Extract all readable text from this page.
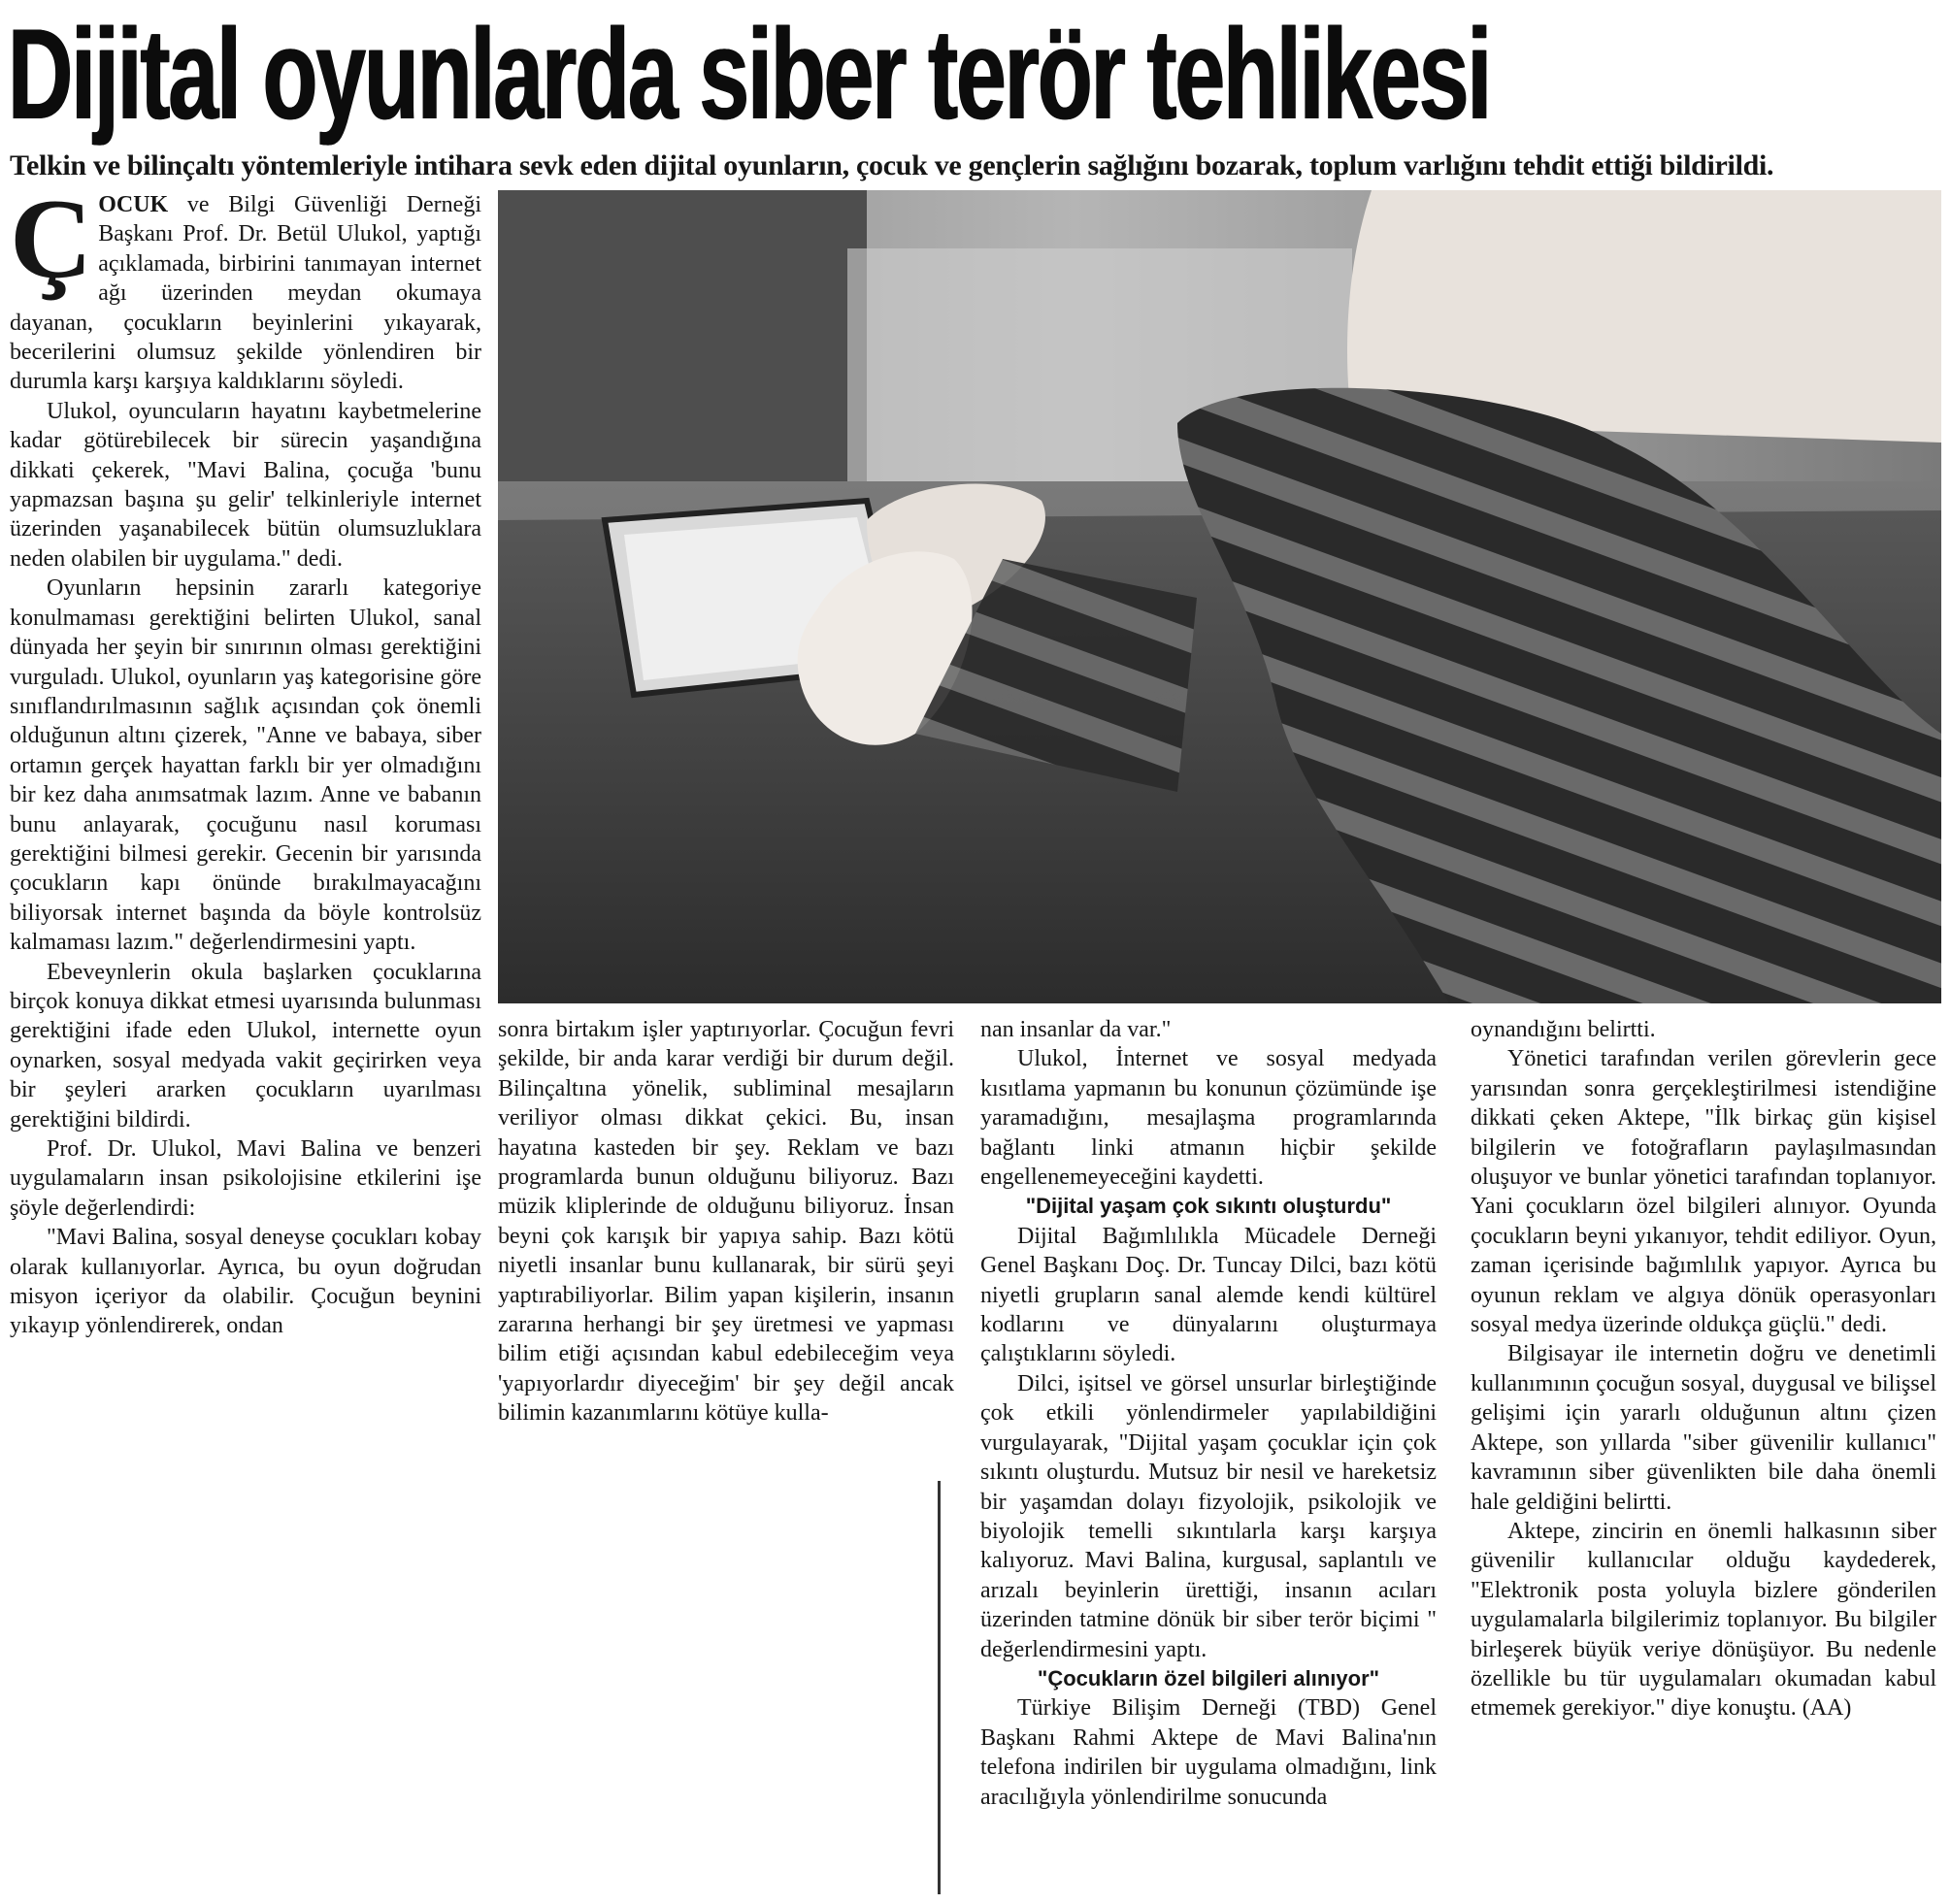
Dijital oyunlarda siber terör tehlikesi
Telkin ve bilinçaltı yöntemleriyle intihara sevk eden dijital oyunların, çocuk ve gençlerin sağlığını bozarak, toplum varlığını tehdit ettiği bildirildi.

ÇOCUK ve Bilgi Güvenliği Derneği Başkanı Prof. Dr. Betül Ulukol, yaptığı açıklamada, birbirini tanımayan internet ağı üzerinden meydan okumaya dayanan, çocukların beyinlerini yıkayarak, becerilerini olumsuz şekilde yönlendiren bir durumla karşı karşıya kaldıklarını söyledi.

Ulukol, oyuncuların hayatını kaybetmelerine kadar götürebilecek bir sürecin yaşandığına dikkati çekerek, "Mavi Balina, çocuğa 'bunu yapmazsan başına şu gelir' telkinleriyle internet üzerinden yaşanabilecek bütün olumsuzluklara neden olabilen bir uygulama." dedi.

Oyunların hepsinin zararlı kategoriye konulmaması gerektiğini belirten Ulukol, sanal dünyada her şeyin bir sınırının olması gerektiğini vurguladı. Ulukol, oyunların yaş kategorisine göre sınıflandırılmasının sağlık açısından çok önemli olduğunun altını çizerek, "Anne ve babaya, siber ortamın gerçek hayattan farklı bir yer olmadığını bir kez daha anımsatmak lazım. Anne ve babanın bunu anlayarak, çocuğunu nasıl koruması gerektiğini bilmesi gerekir. Gecenin bir yarısında çocukların kapı önünde bırakılmayacağını biliyorsak internet başında da böyle kontrolsüz kalmaması lazım." değerlendirmesini yaptı.

Ebeveynlerin okula başlarken çocuklarına birçok konuya dikkat etmesi uyarısında bulunması gerektiğini ifade eden Ulukol, internette oyun oynarken, sosyal medyada vakit geçirirken veya bir şeyleri ararken çocukların uyarılması gerektiğini bildirdi.

Prof. Dr. Ulukol, Mavi Balina ve benzeri uygulamaların insan psikolojisine etkilerini işe şöyle değerlendirdi:

"Mavi Balina, sosyal deneyse çocukları kobay olarak kullanıyorlar. Ayrıca, bu oyun doğrudan misyon içeriyor da olabilir. Çocuğun beynini yıkayıp yönlendirerek, ondan

sonra birtakım işler yaptırıyorlar. Çocuğun fevri şekilde, bir anda karar verdiği bir durum değil. Bilinçaltına yönelik, subliminal mesajların veriliyor olması dikkat çekici. Bu, insan hayatına kasteden bir şey. Reklam ve bazı programlarda bunun olduğunu biliyoruz. Bazı müzik kliplerinde de olduğunu biliyoruz. İnsan beyni çok karışık bir yapıya sahip. Bazı kötü niyetli insanlar bunu kullanarak, bir sürü şeyi yaptırabiliyorlar. Bilim yapan kişilerin, insanın zararına herhangi bir şey üretmesi ve yapması bilim etiği açısından kabul edebileceğim veya 'yapıyorlardır diyeceğim' bir şey değil ancak bilimin kazanımlarını kötüye kulla-

nan insanlar da var."

Ulukol, İnternet ve sosyal medyada kısıtlama yapmanın bu konunun çözümünde işe yaramadığını, mesajlaşma programlarında bağlantı linki atmanın hiçbir şekilde engellenemeyeceğini kaydetti.

"Dijital yaşam çok sıkıntı oluşturdu"

Dijital Bağımlılıkla Mücadele Derneği Genel Başkanı Doç. Dr. Tuncay Dilci, bazı kötü niyetli grupların sanal alemde kendi kültürel kodlarını ve dünyalarını oluşturmaya çalıştıklarını söyledi.

Dilci, işitsel ve görsel unsurlar birleştiğinde çok etkili yönlendirmeler yapılabildiğini vurgulayarak, "Dijital yaşam çocuklar için çok sıkıntı oluşturdu. Mutsuz bir nesil ve hareketsiz bir yaşamdan dolayı fizyolojik, psikolojik ve biyolojik temelli sıkıntılarla karşı karşıya kalıyoruz. Mavi Balina, kurgusal, saplantılı ve arızalı beyinlerin ürettiği, insanın acıları üzerinden tatmine dönük bir siber terör biçimi " değerlendirmesini yaptı.

"Çocukların özel bilgileri alınıyor"

Türkiye Bilişim Derneği (TBD) Genel Başkanı Rahmi Aktepe de Mavi Balina'nın telefona indirilen bir uygulama olmadığını, link aracılığıyla yönlendirilme sonucunda

oynandığını belirtti.

Yönetici tarafından verilen görevlerin gece yarısından sonra gerçekleştirilmesi istendiğine dikkati çeken Aktepe, "İlk birkaç gün kişisel bilgilerin ve fotoğrafların paylaşılmasından oluşuyor ve bunlar yönetici tarafından toplanıyor. Yani çocukların özel bilgileri alınıyor. Oyunda çocukların beyni yıkanıyor, tehdit ediliyor. Oyun, zaman içerisinde bağımlılık yapıyor. Ayrıca bu oyunun reklam ve algıya dönük operasyonları sosyal medya üzerinde oldukça güçlü." dedi.

Bilgisayar ile internetin doğru ve denetimli kullanımının çocuğun sosyal, duygusal ve bilişsel gelişimi için yararlı olduğunun altını çizen Aktepe, son yıllarda "siber güvenilir kullanıcı" kavramının siber güvenlikten bile daha önemli hale geldiğini belirtti.

Aktepe, zincirin en önemli halkasının siber güvenilir kullanıcılar olduğu kaydederek, "Elektronik posta yoluyla bizlere gönderilen uygulamalarla bilgilerimiz toplanıyor. Bu bilgiler birleşerek büyük veriye dönüşüyor. Bu nedenle özellikle bu tür uygulamaları okumadan kabul etmemek gerekiyor." diye konuştu. (AA)
